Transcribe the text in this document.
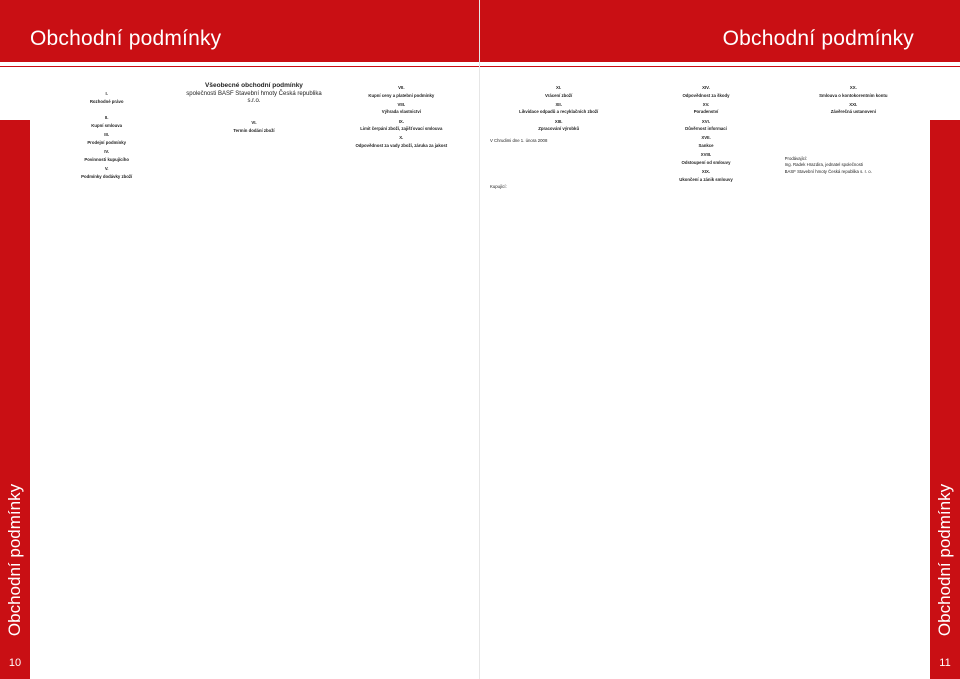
Obchodní podmínky
Obchodní podmínky
10

I.

Rozhodné právo

II.

Kupní smlouva

III.

Prodejní podmínky

IV.

Povinnosti kupujícího

V.

Podmínky dodávky zboží

Všeobecné obchodní podmínky

společnosti BASF Stavební hmoty Česká republika s.r.o.

VI.

Termín dodání zboží

VII.

Kupní ceny a platební podmínky

VIII.

Výhrada vlastnictví

IX.

Limit čerpání zboží, zajišťovací smlouva

X.

Odpovědnost za vady zboží, záruka za jakost

Obchodní podmínky
Obchodní podmínky
11

XI.

Vrácení zboží

XII.

Likvidace odpadů a recyklačních zboží

XIII.

Zpracování výrobků

V Chrudimi dne 1. února 2008

Kupující:

XIV.

Odpovědnost za škody

XV.

Poradenství

XVI.

Důvěrnost informací

XVII.

Sankce

XVIII.

Odstoupení od smlouvy

XIX.

Ukončení a zánik smlouvy

XX.

Smlouva o kontokorentním kontu

XXI.

Závěrečná ustanovení

Prodávající:

Ing. Radek Hrazdira, jednatel společnosti

BASF Stavební hmoty Česká republika s. r. o.
